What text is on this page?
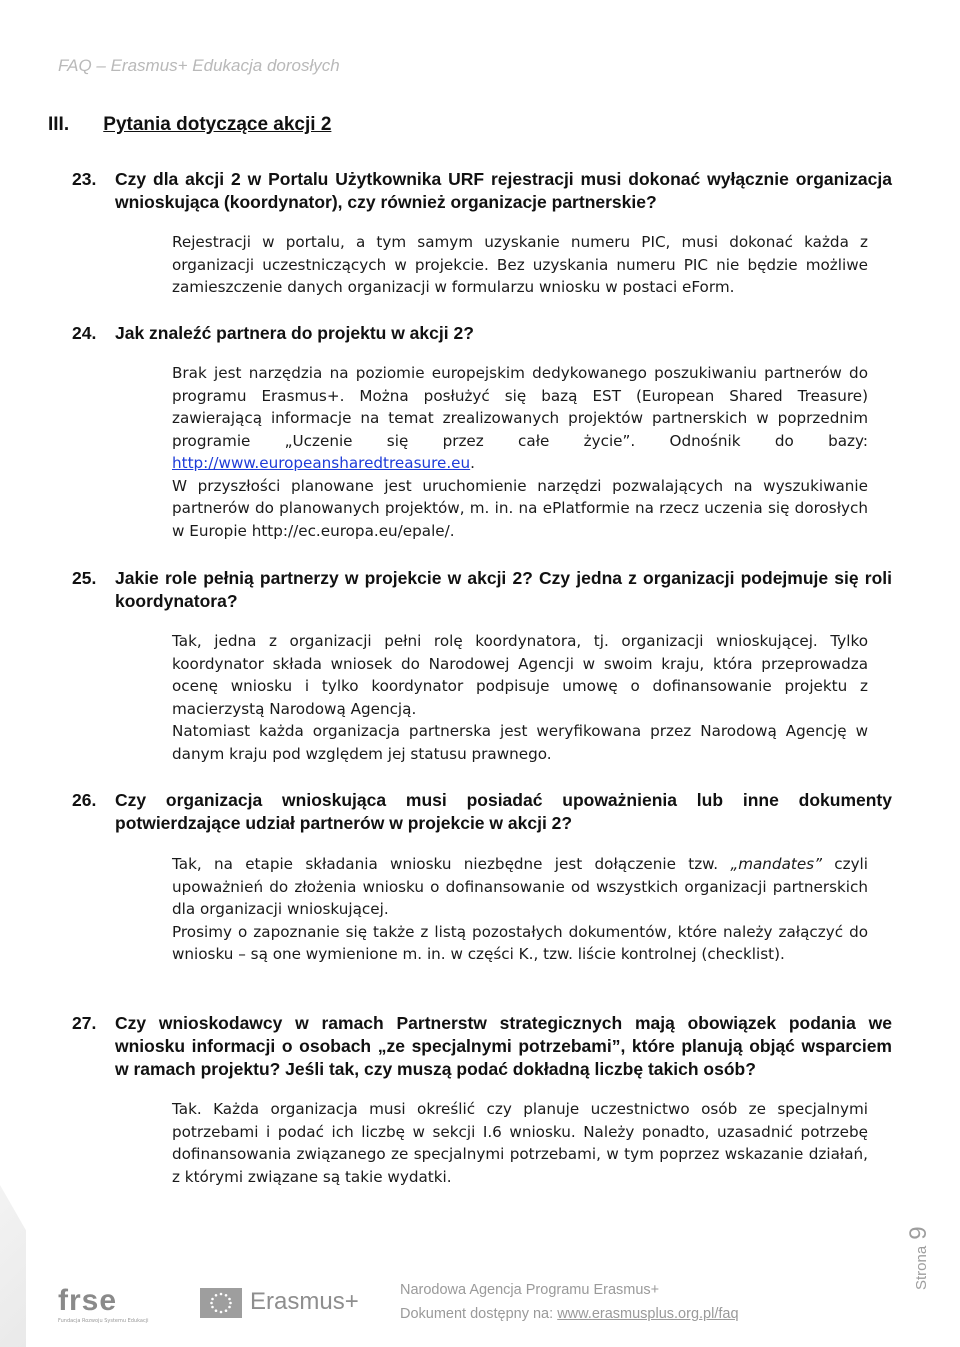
FAQ – Erasmus+ Edukacja dorosłych
III. Pytania dotyczące akcji 2
23. Czy dla akcji 2 w Portalu Użytkownika URF rejestracji musi dokonać wyłącznie organizacja wnioskująca (koordynator), czy również organizacje partnerskie?

Rejestracji w portalu, a tym samym uzyskanie numeru PIC, musi dokonać każda z organizacji uczestniczących w projekcie. Bez uzyskania numeru PIC nie będzie możliwe zamieszczenie danych organizacji w formularzu wniosku w postaci eForm.

24. Jak znaleźć partnera do projektu w akcji 2?

Brak jest narzędzia na poziomie europejskim dedykowanego poszukiwaniu partnerów do programu Erasmus+. Można posłużyć się bazą EST (European Shared Treasure) zawierającą informacje na temat zrealizowanych projektów partnerskich w poprzednim programie „Uczenie się przez całe życie”. Odnośnik do bazy: http://www.europeansharedtreasure.eu.

W przyszłości planowane jest uruchomienie narzędzi pozwalających na wyszukiwanie partnerów do planowanych projektów, m. in. na ePlatformie na rzecz uczenia się dorosłych w Europie http://ec.europa.eu/epale/.

25. Jakie role pełnią partnerzy w projekcie w akcji 2? Czy jedna z organizacji podejmuje się roli koordynatora?

Tak, jedna z organizacji pełni rolę koordynatora, tj. organizacji wnioskującej. Tylko koordynator składa wniosek do Narodowej Agencji w swoim kraju, która przeprowadza ocenę wniosku i tylko koordynator podpisuje umowę o dofinansowanie projektu z macierzystą Narodową Agencją.

Natomiast każda organizacja partnerska jest weryfikowana przez Narodową Agencję w danym kraju pod względem jej statusu prawnego.

26. Czy organizacja wnioskująca musi posiadać upoważnienia lub inne dokumenty potwierdzające udział partnerów w projekcie w akcji 2?

Tak, na etapie składania wniosku niezbędne jest dołączenie tzw. „mandates” czyli upoważnień do złożenia wniosku o dofinansowanie od wszystkich organizacji partnerskich dla organizacji wnioskującej.

Prosimy o zapoznanie się także z listą pozostałych dokumentów, które należy załączyć do wniosku – są one wymienione m. in. w części K., tzw. liście kontrolnej (checklist).

27. Czy wnioskodawcy w ramach Partnerstw strategicznych mają obowiązek podania we wniosku informacji o osobach „ze specjalnymi potrzebami”, które planują objąć wsparciem w ramach projektu? Jeśli tak, czy muszą podać dokładną liczbę takich osób?

Tak. Każda organizacja musi określić czy planuje uczestnictwo osób ze specjalnymi potrzebami i podać ich liczbę w sekcji I.6 wniosku. Należy ponadto, uzasadnić potrzebę dofinansowania związanego ze specjalnymi potrzebami, w tym poprzez wskazanie działań, z którymi związane są takie wydatki.

frse
Fundacja Rozwoju Systemu Edukacji
Erasmus+	Narodowa Agencja Programu Erasmus+
Dokument dostępny na: www.erasmusplus.org.pl/faq
Strona9
